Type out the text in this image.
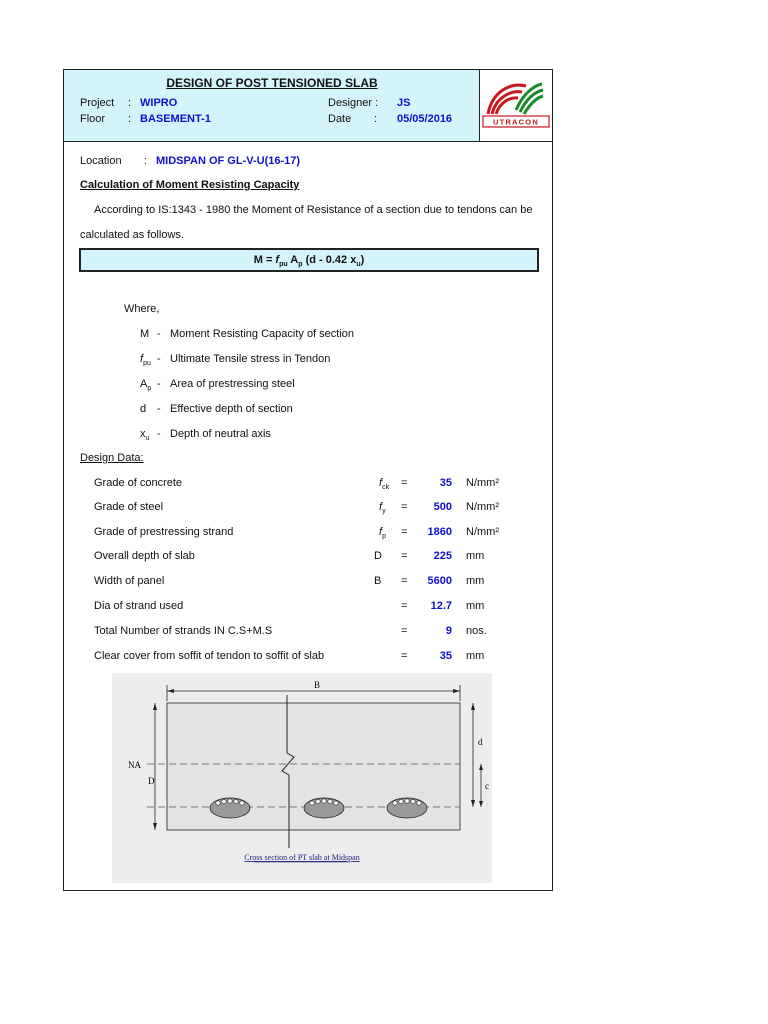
DESIGN OF POST TENSIONED SLAB
Project : WIPRO
Floor : BASEMENT-1
Designer : JS
Date : 05/05/2016	UTRACON
Location : MIDSPAN OF GL-V-U(16-17)
Calculation of Moment Resisting Capacity
According to IS:1343 - 1980 the Moment of Resistance of a section due to tendons can be
calculated as follows.
$M = f_{pu}$ $A_p$ (d - 0.42 $x_u$)
Where,
M - Moment Resisting Capacity of section
$f_{pu}$ - Ultimate Tensile stress in Tendon
$A_p$ - Area of prestressing steel
d - Effective depth of section
$x_u$ - Depth of neutral axis
Design Data:
Grade of concrete	$f_{ck}$ =	35 N/mm²
Grade of steel	$f_y$ =	500 N/mm²
Grade of prestressing strand	$f_p$ =	1860 N/mm²
Overall depth of slab	D =	225 mm
Width of panel	B =	5600 mm
Dia of strand used	=	12.7 mm
Total Number of strands IN C.S+M.S	=	9 nos.
Clear cover from soffit of tendon to soffit of slab	=	35 mm
B
NA
D
d
c
Cross section of PT slab at Midspan
